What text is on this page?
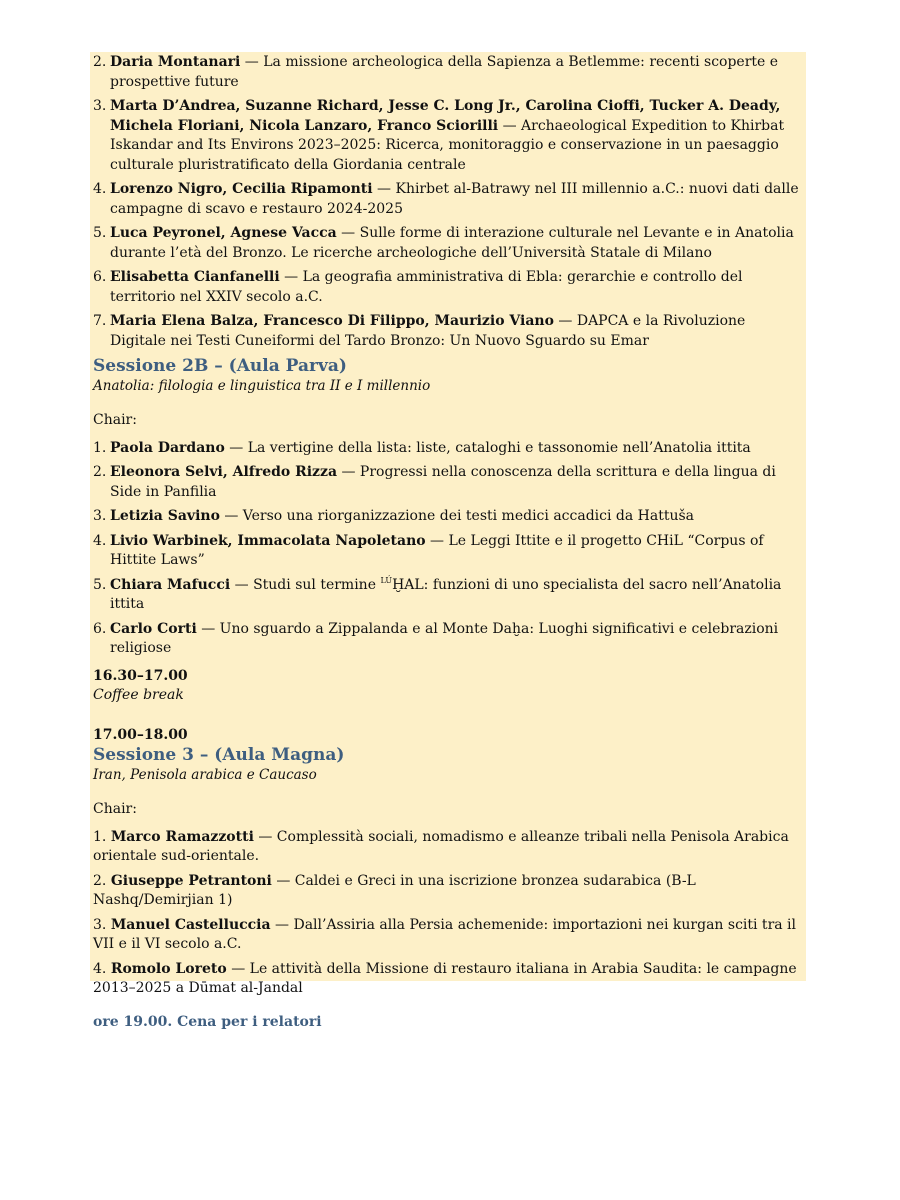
2. Daria Montanari — La missione archeologica della Sapienza a Betlemme: recenti scoperte e prospettive future
3. Marta D’Andrea, Suzanne Richard, Jesse C. Long Jr., Carolina Cioffi, Tucker A. Deady, Michela Floriani, Nicola Lanzaro, Franco Sciorilli — Archaeological Expedition to Khirbat Iskandar and Its Environs 2023–2025: Ricerca, monitoraggio e conservazione in un paesaggio culturale pluristratificato della Giordania centrale
4. Lorenzo Nigro, Cecilia Ripamonti — Khirbet al-Batrawy nel III millennio a.C.: nuovi dati dalle campagne di scavo e restauro 2024-2025
5. Luca Peyronel, Agnese Vacca — Sulle forme di interazione culturale nel Levante e in Anatolia durante l’età del Bronzo. Le ricerche archeologiche dell’Università Statale di Milano
6. Elisabetta Cianfanelli — La geografia amministrativa di Ebla: gerarchie e controllo del territorio nel XXIV secolo a.C.
7. Maria Elena Balza, Francesco Di Filippo, Maurizio Viano — DAPCA e la Rivoluzione Digitale nei Testi Cuneiformi del Tardo Bronzo: Un Nuovo Sguardo su Emar
Sessione 2B – (Aula Parva)
Anatolia: filologia e linguistica tra II e I millennio
Chair:
1. Paola Dardano — La vertigine della lista: liste, cataloghi e tassonomie nell’Anatolia ittita
2. Eleonora Selvi, Alfredo Rizza — Progressi nella conoscenza della scrittura e della lingua di Side in Panfilia
3. Letizia Savino — Verso una riorganizzazione dei testi medici accadici da Hattuša
4. Livio Warbinek, Immacolata Napoletano — Le Leggi Ittite e il progetto CHiL “Corpus of Hittite Laws”
5. Chiara Mafucci — Studi sul termine $^{LÚ}$ḪAL: funzioni di uno specialista del sacro nell’Anatolia ittita
6. Carlo Corti — Uno sguardo a Zippalanda e al Monte Daḫa: Luoghi significativi e celebrazioni religiose
16.30–17.00
Coffee break
17.00–18.00
Sessione 3 – (Aula Magna)
Iran, Penisola arabica e Caucaso
Chair:
1. Marco Ramazzotti — Complessità sociali, nomadismo e alleanze tribali nella Penisola Arabica orientale sud-orientale.
2. Giuseppe Petrantoni — Caldei e Greci in una iscrizione bronzea sudarabica (B-L Nashq/Demirjian 1)
3. Manuel Castelluccia — Dall’Assiria alla Persia achemenide: importazioni nei kurgan sciti tra il VII e il VI secolo a.C.
4. Romolo Loreto — Le attività della Missione di restauro italiana in Arabia Saudita: le campagne 2013–2025 a Dūmat al-Jandal
ore 19.00. Cena per i relatori
